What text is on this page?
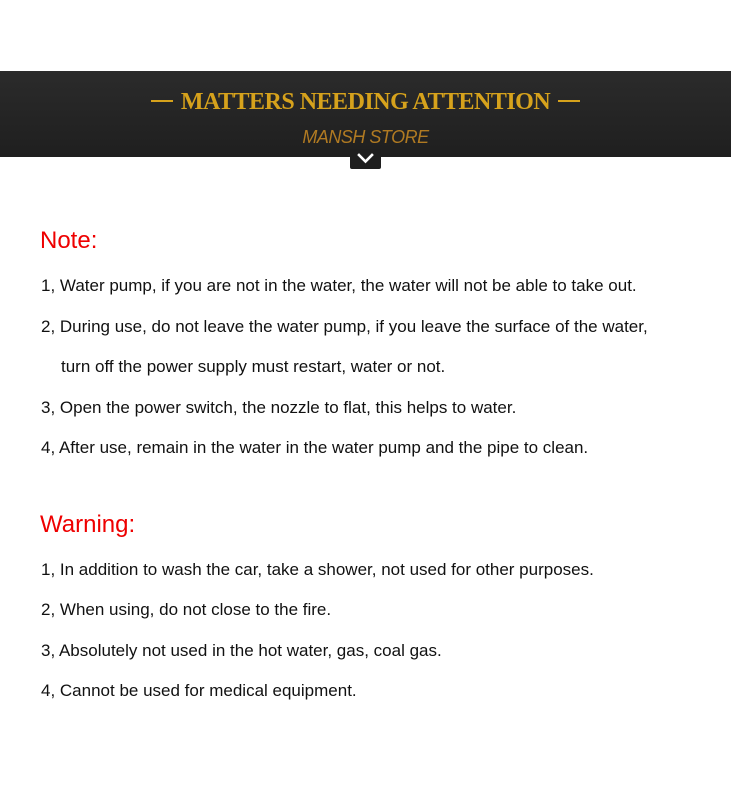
MATTERS NEEDING ATTENTION
MANSH STORE
Note:
1, Water pump, if you are not in the water, the water will not be able to take out.
2, During use, do not leave the water pump, if you leave the surface of the water,
turn off the power supply must restart, water or not.
3, Open the power switch, the nozzle to flat, this helps to water.
4, After use, remain in the water in the water pump and the pipe to clean.
Warning:
1, In addition to wash the car, take a shower, not used for other purposes.
2, When using, do not close to the fire.
3, Absolutely not used in the hot water, gas, coal gas.
4, Cannot be used for medical equipment.
